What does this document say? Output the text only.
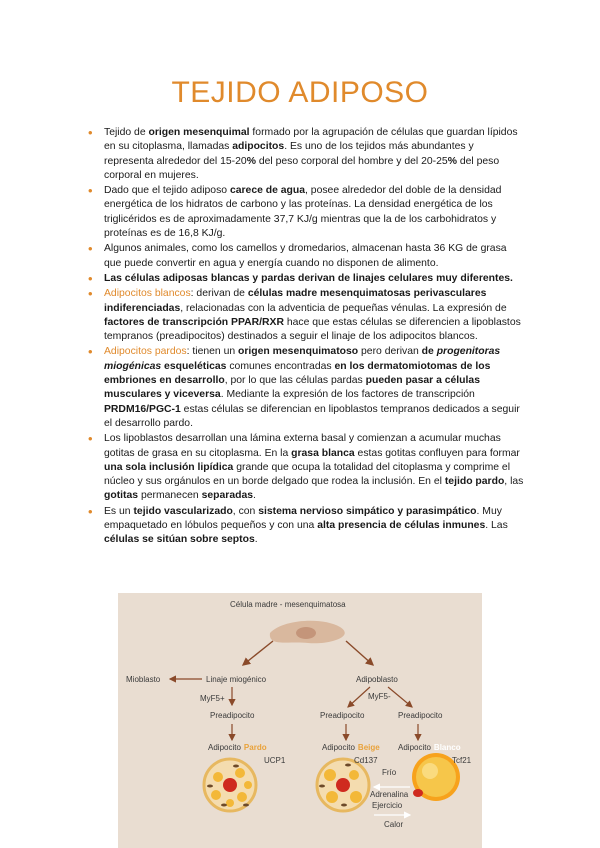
TEJIDO ADIPOSO
• Tejido de origen mesenquimal formado por la agrupación de células que guardan lípidos en su citoplasma, llamadas adipocitos. Es uno de los tejidos más abundantes y representa alrededor del 15-20% del peso corporal del hombre y del 20-25% del peso corporal en mujeres.
• Dado que el tejido adiposo carece de agua, posee alrededor del doble de la densidad energética de los hidratos de carbono y las proteínas. La densidad energética de los triglicéridos es de aproximadamente 37,7 KJ/g mientras que la de los carbohidratos y proteínas es de 16,8 KJ/g.
• Algunos animales, como los camellos y dromedarios, almacenan hasta 36 KG de grasa que puede convertir en agua y energía cuando no disponen de alimento.
• Las células adiposas blancas y pardas derivan de linajes celulares muy diferentes.
• Adipocitos blancos: derivan de células madre mesenquimatosas perivasculares indiferenciadas, relacionadas con la adventicia de pequeñas vénulas. La expresión de factores de transcripción PPAR/RXR hace que estas células se diferencien a lipoblastos tempranos (preadipocitos) destinados a seguir el linaje de los adipocitos blancos.
• Adipocitos pardos: tienen un origen mesenquimatoso pero derivan de progenitoras miogénicas esqueléticas comunes encontradas en los dermatomiotomas de los embriones en desarrollo, por lo que las células pardas pueden pasar a células musculares y viceversa. Mediante la expresión de los factores de transcripción PRDM16/PGC-1 estas células se diferencian en lipoblastos tempranos dedicados a seguir el desarrollo pardo.
• Los lipoblastos desarrollan una lámina externa basal y comienzan a acumular muchas gotitas de grasa en su citoplasma. En la grasa blanca estas gotitas confluyen para formar una sola inclusión lipídica grande que ocupa la totalidad del citoplasma y comprime el núcleo y sus orgánulos en un borde delgado que rodea la inclusión. En el tejido pardo, las gotitas permanecen separadas.
• Es un tejido vascularizado, con sistema nervioso simpático y parasimpático. Muy empaquetado en lóbulos pequeños y con una alta presencia de células inmunes. Las células se sitúan sobre septos.
Célula madre - mesenquimatosa
Mioblasto	Linaje miogénico	Adipoblasto
MyF5+
Preadipocito
MyF5-
Preadipocito	Preadipocito
Adipocito Pardo	Adipocito Beige Adipocito Blanco
UCP1	Cd137	Tcf21
Frío
Adrenalina
Ejercicio
Calor
